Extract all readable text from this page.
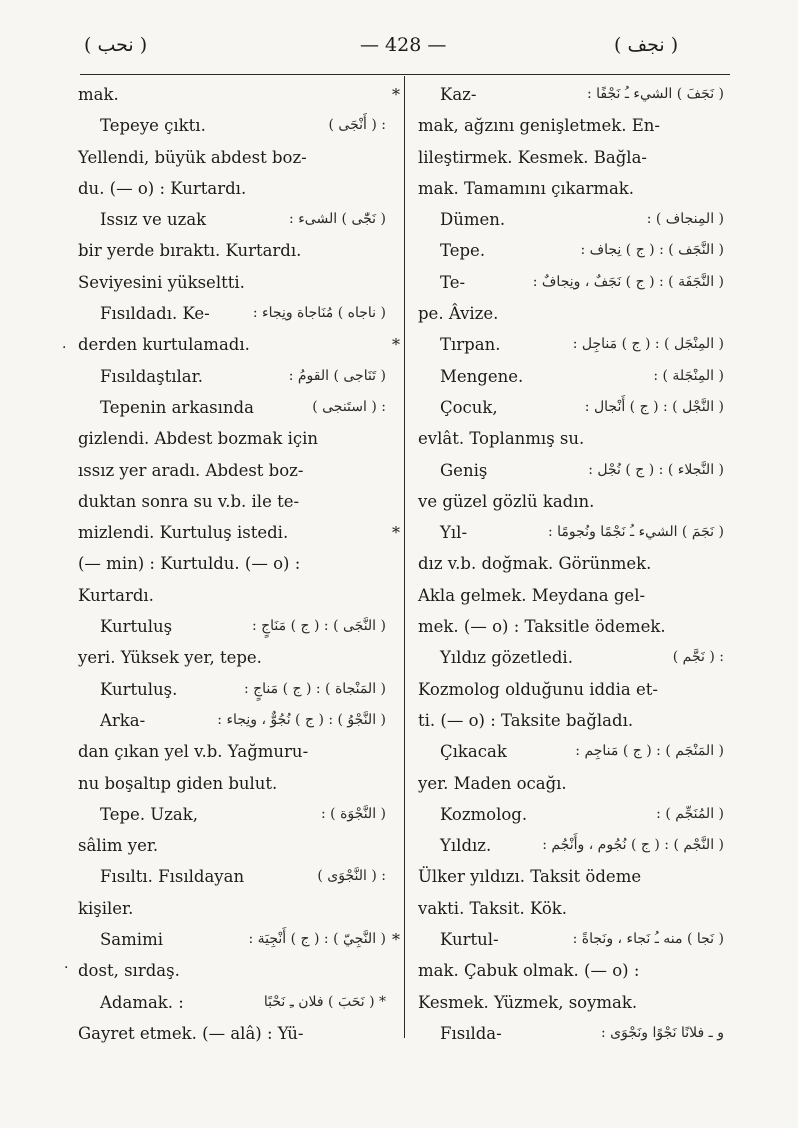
( نحب )	— 428 —	( نجف )
·
·
mak.
Tepeye çıktı.	: ( أَنْجَى )
Yellendi, büyük abdest boz-
du. (— o) : Kurtardı.
Issız ve uzak	( نَجّٰى ) الشىء :
bir yerde bıraktı. Kurtardı.
Seviyesini yükseltti.
Fısıldadı. Ke-	( ناجاه ) مُنَاجاة ونِجاء :
derden kurtulamadı.
Fısıldaştılar.	( تَنَاجى ) القومُ :
Tepenin arkasında	: ( استَنجى )
gizlendi. Abdest bozmak için
ıssız yer aradı. Abdest boz-
duktan sonra su v.b. ile te-
mizlendi. Kurtuluş istedi.
(— min) : Kurtuldu. (— o) :
Kurtardı.
Kurtuluş	( النَّجَى ) : ( ج ) مَنَاجٍ :
yeri. Yüksek yer, tepe.
Kurtuluş.	( المَنْجاة ) : ( ج ) مَناجٍ :
Arka-	( النَّجْوُ ) : ( ج ) نُجُوٌّ ، ونِجاء :
dan çıkan yel v.b. Yağmuru-
nu boşaltıp giden bulut.
Tepe. Uzak,	( النَّجْوَة ) :
sâlim yer.
Fısıltı. Fısıldayan	: ( النَّجْوَى )
kişiler.
Samimi	( النَّجِيّ ) : ( ج ) أَنْجِيَة :
dost, sırdaş.
Adamak. :	* ( نَحَبَ ) فلان ـِ نَحْبًا
Gayret etmek. (— alâ) : Yü-
* Kaz-	( نَجَفَ ) الشيء ـُ نَجْفًا :
mak, ağzını genişletmek. En-
lileştirmek. Kesmek. Bağla-
mak. Tamamını çıkarmak.
Dümen.	( المِنجاف ) :
Tepe.	( النَّجَف ) : ( ج ) نِجاف :
Te-	( النَّجَفَة ) : ( ج ) نَجَفٌ ، ونِجافٌ :
pe. Âvize.
* Tırpan.	( المِنْجَل ) : ( ج ) مَناجِل :
Mengene.	( المِنْجَلة ) :
Çocuk,	( النَّجْل ) : ( ج ) أَنْجال :
evlât. Toplanmış su.
Geniş	( النَّجلاء ) : ( ج ) نُجْل :
ve güzel gözlü kadın.
* Yıl-	( نَجَمَ ) الشيء ـُ نَجْمًا ونُجومًا :
dız v.b. doğmak. Görünmek.
Akla gelmek. Meydana gel-
mek. (— o) : Taksitle ödemek.
Yıldız gözetledi.	: ( نَجَّم )
Kozmolog olduğunu iddia et-
ti. (— o) : Taksite bağladı.
Çıkacak	( المَنْجَم ) : ( ج ) مَناجِم :
yer. Maden ocağı.
Kozmolog.	( المُنَجِّم ) :
Yıldız.	( النَّجْم ) : ( ج ) نُجُوم ، وأَنْجُم :
Ülker yıldızı. Taksit ödeme
vakti. Taksit. Kök.
* Kurtul-	( نَجا ) منه ـُ نَجاء ، ونَجاةً :
mak. Çabuk olmak. (— o) :
Kesmek. Yüzmek, soymak.
Fısılda-	و ـ فلانًا نَجْوًا ونَجْوَى :
